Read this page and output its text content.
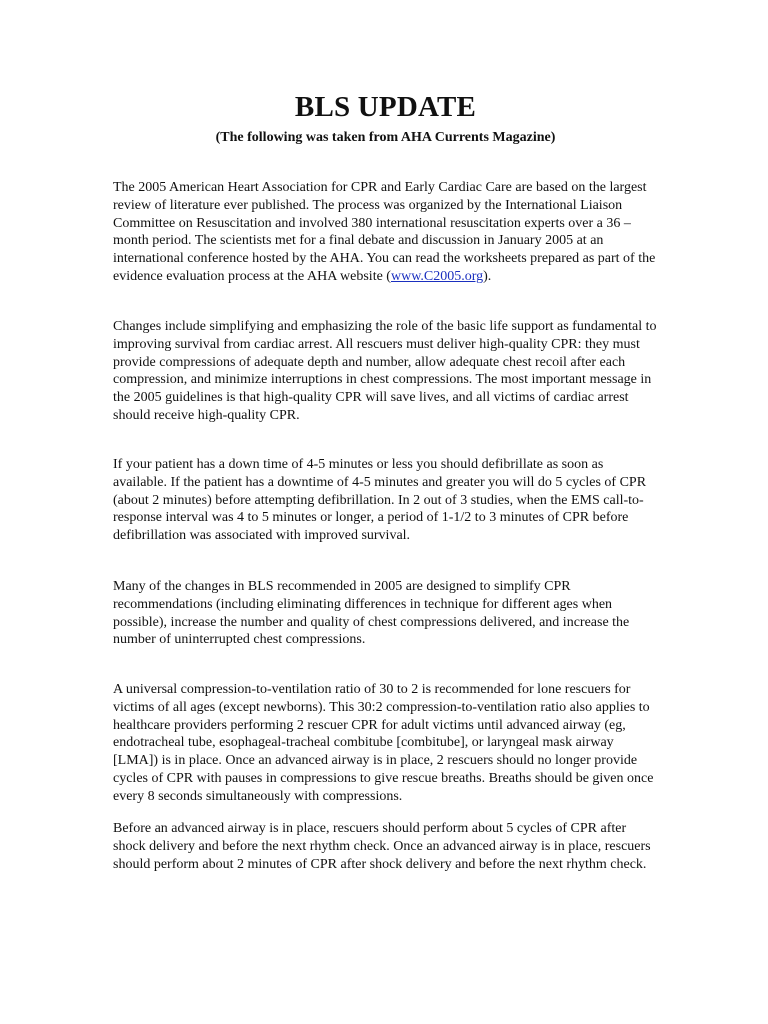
BLS UPDATE

(The following was taken from AHA Currents Magazine)

The 2005 American Heart Association for CPR and Early Cardiac Care are based on the largest review of literature ever published. The process was organized by the International Liaison Committee on Resuscitation and involved 380 international resuscitation experts over a 36 – month period. The scientists met for a final debate and discussion in January 2005 at an international conference hosted by the AHA. You can read the worksheets prepared as part of the evidence evaluation process at the AHA website (www.C2005.org).

Changes include simplifying and emphasizing the role of the basic life support as fundamental to improving survival from cardiac arrest. All rescuers must deliver high-quality CPR: they must provide compressions of adequate depth and number, allow adequate chest recoil after each compression, and minimize interruptions in chest compressions. The most important message in the 2005 guidelines is that high-quality CPR will save lives, and all victims of cardiac arrest should receive high-quality CPR.

If your patient has a down time of 4-5 minutes or less you should defibrillate as soon as available. If the patient has a downtime of 4-5 minutes and greater you will do 5 cycles of CPR (about 2 minutes) before attempting defibrillation. In 2 out of 3 studies, when the EMS call-to-response interval was 4 to 5 minutes or longer, a period of 1-1/2 to 3 minutes of CPR before defibrillation was associated with improved survival.

Many of the changes in BLS recommended in 2005 are designed to simplify CPR recommendations (including eliminating differences in technique for different ages when possible), increase the number and quality of chest compressions delivered, and increase the number of uninterrupted chest compressions.

A universal compression-to-ventilation ratio of 30 to 2 is recommended for lone rescuers for victims of all ages (except newborns). This 30:2 compression-to-ventilation ratio also applies to healthcare providers performing 2 rescuer CPR for adult victims until advanced airway (eg, endotracheal tube, esophageal-tracheal combitube [combitube], or laryngeal mask airway [LMA]) is in place. Once an advanced airway is in place, 2 rescuers should no longer provide cycles of CPR with pauses in compressions to give rescue breaths. Breaths should be given once every 8 seconds simultaneously with compressions.

Before an advanced airway is in place, rescuers should perform about 5 cycles of CPR after shock delivery and before the next rhythm check. Once an advanced airway is in place, rescuers should perform about 2 minutes of CPR after shock delivery and before the next rhythm check.
